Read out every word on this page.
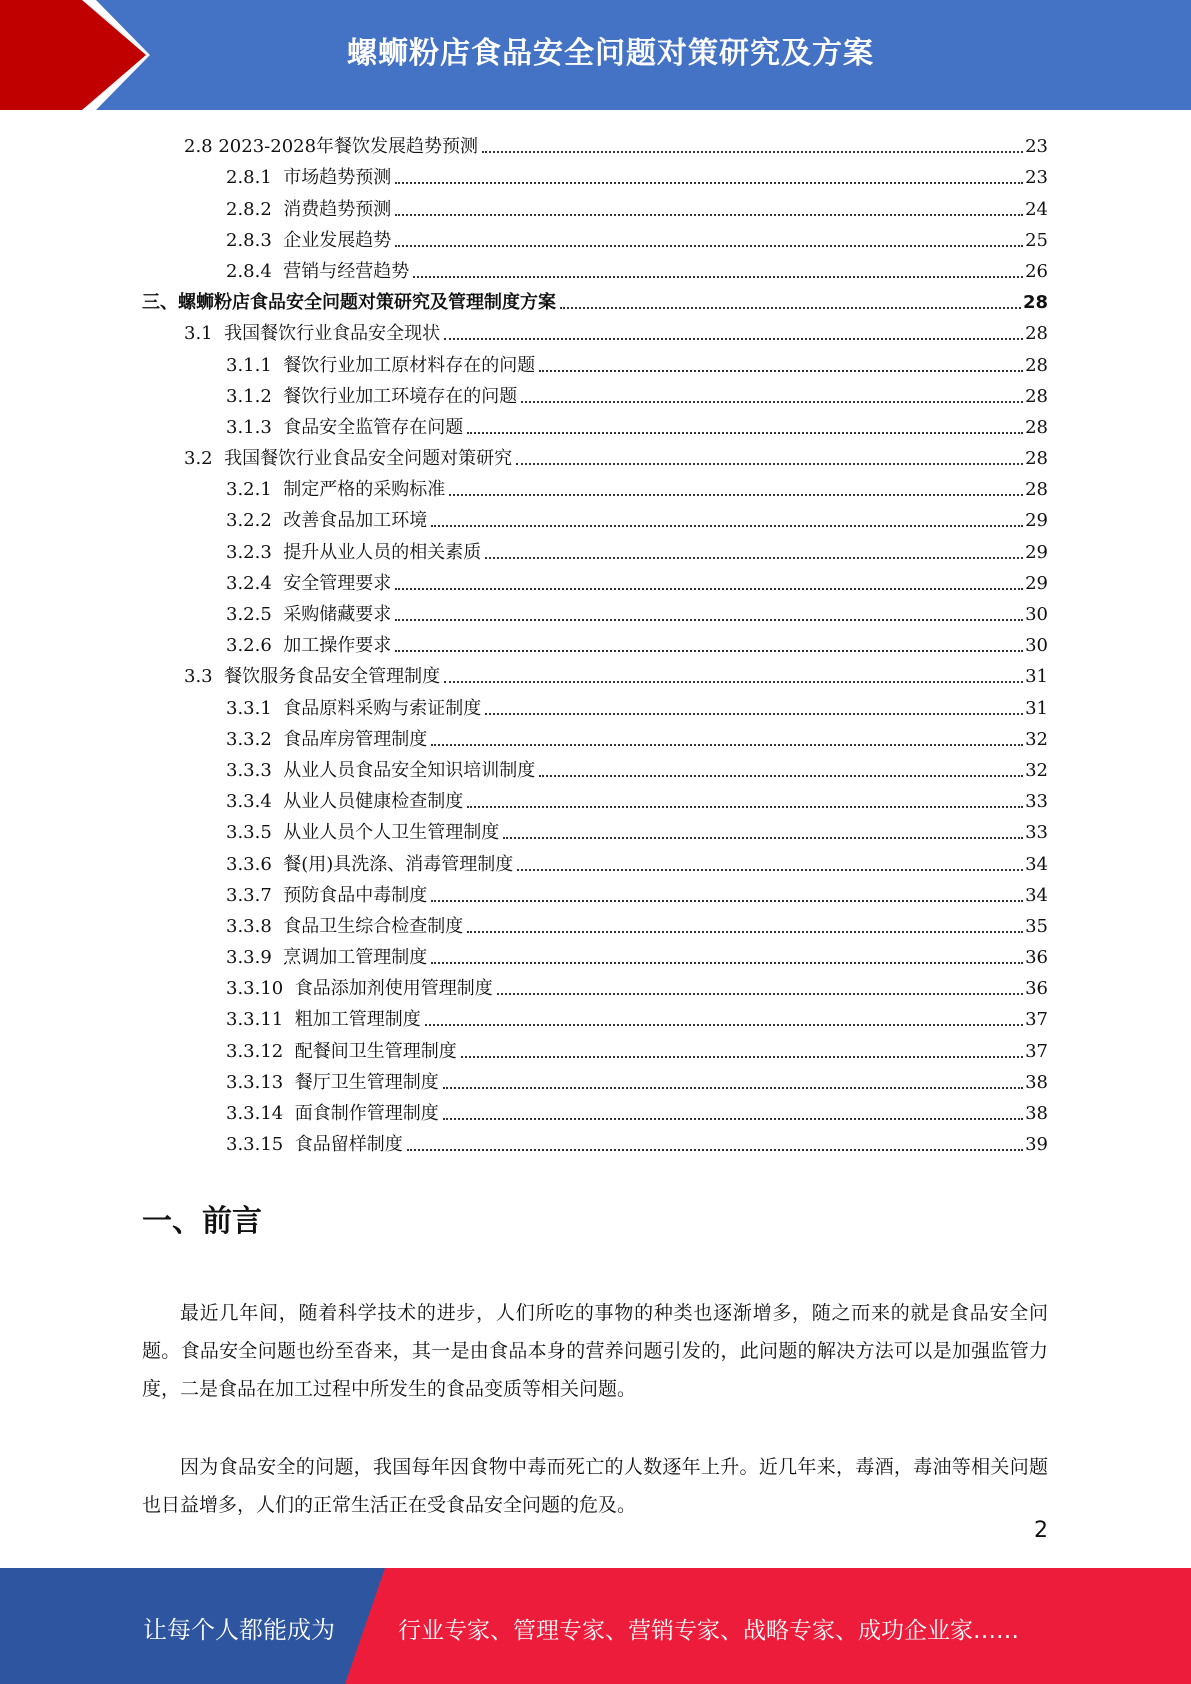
螺蛳粉店食品安全问题对策研究及方案
2.8 2023-2028年餐饮发展趋势预测	23
2.8.1 市场趋势预测	23
2.8.2 消费趋势预测	24
2.8.3 企业发展趋势	25
2.8.4 营销与经营趋势	26
三、 螺蛳粉店食品安全问题对策研究及管理制度方案	28
3.1 我国餐饮行业食品安全现状	28
3.1.1 餐饮行业加工原材料存在的问题	28
3.1.2 餐饮行业加工环境存在的问题	28
3.1.3 食品安全监管存在问题	28
3.2 我国餐饮行业食品安全问题对策研究	28
3.2.1 制定严格的采购标准	28
3.2.2 改善食品加工环境	29
3.2.3 提升从业人员的相关素质	29
3.2.4 安全管理要求	29
3.2.5 采购储藏要求	30
3.2.6 加工操作要求	30
3.3 餐饮服务食品安全管理制度	31
3.3.1 食品原料采购与索证制度	31
3.3.2 食品库房管理制度	32
3.3.3 从业人员食品安全知识培训制度	32
3.3.4 从业人员健康检查制度	33
3.3.5 从业人员个人卫生管理制度	33
3.3.6 餐(用)具洗涤、消毒管理制度	34
3.3.7 预防食品中毒制度	34
3.3.8 食品卫生综合检查制度	35
3.3.9 烹调加工管理制度	36
3.3.10 食品添加剂使用管理制度	36
3.3.11 粗加工管理制度	37
3.3.12 配餐间卫生管理制度	37
3.3.13 餐厅卫生管理制度	38
3.3.14 面食制作管理制度	38
3.3.15 食品留样制度	39
一、前言

最近几年间，随着科学技术的进步，人们所吃的事物的种类也逐渐增多，随之而来的就是食品安全问题。食品安全问题也纷至沓来，其一是由食品本身的营养问题引发的，此问题的解决方法可以是加强监管力度，二是食品在加工过程中所发生的食品变质等相关问题。

因为食品安全的问题，我国每年因食物中毒而死亡的人数逐年上升。近几年来，毒酒，毒油等相关问题也日益增多，人们的正常生活正在受食品安全问题的危及。

2
让每个人都能成为	行业专家、管理专家、营销专家、战略专家、成功企业家……
